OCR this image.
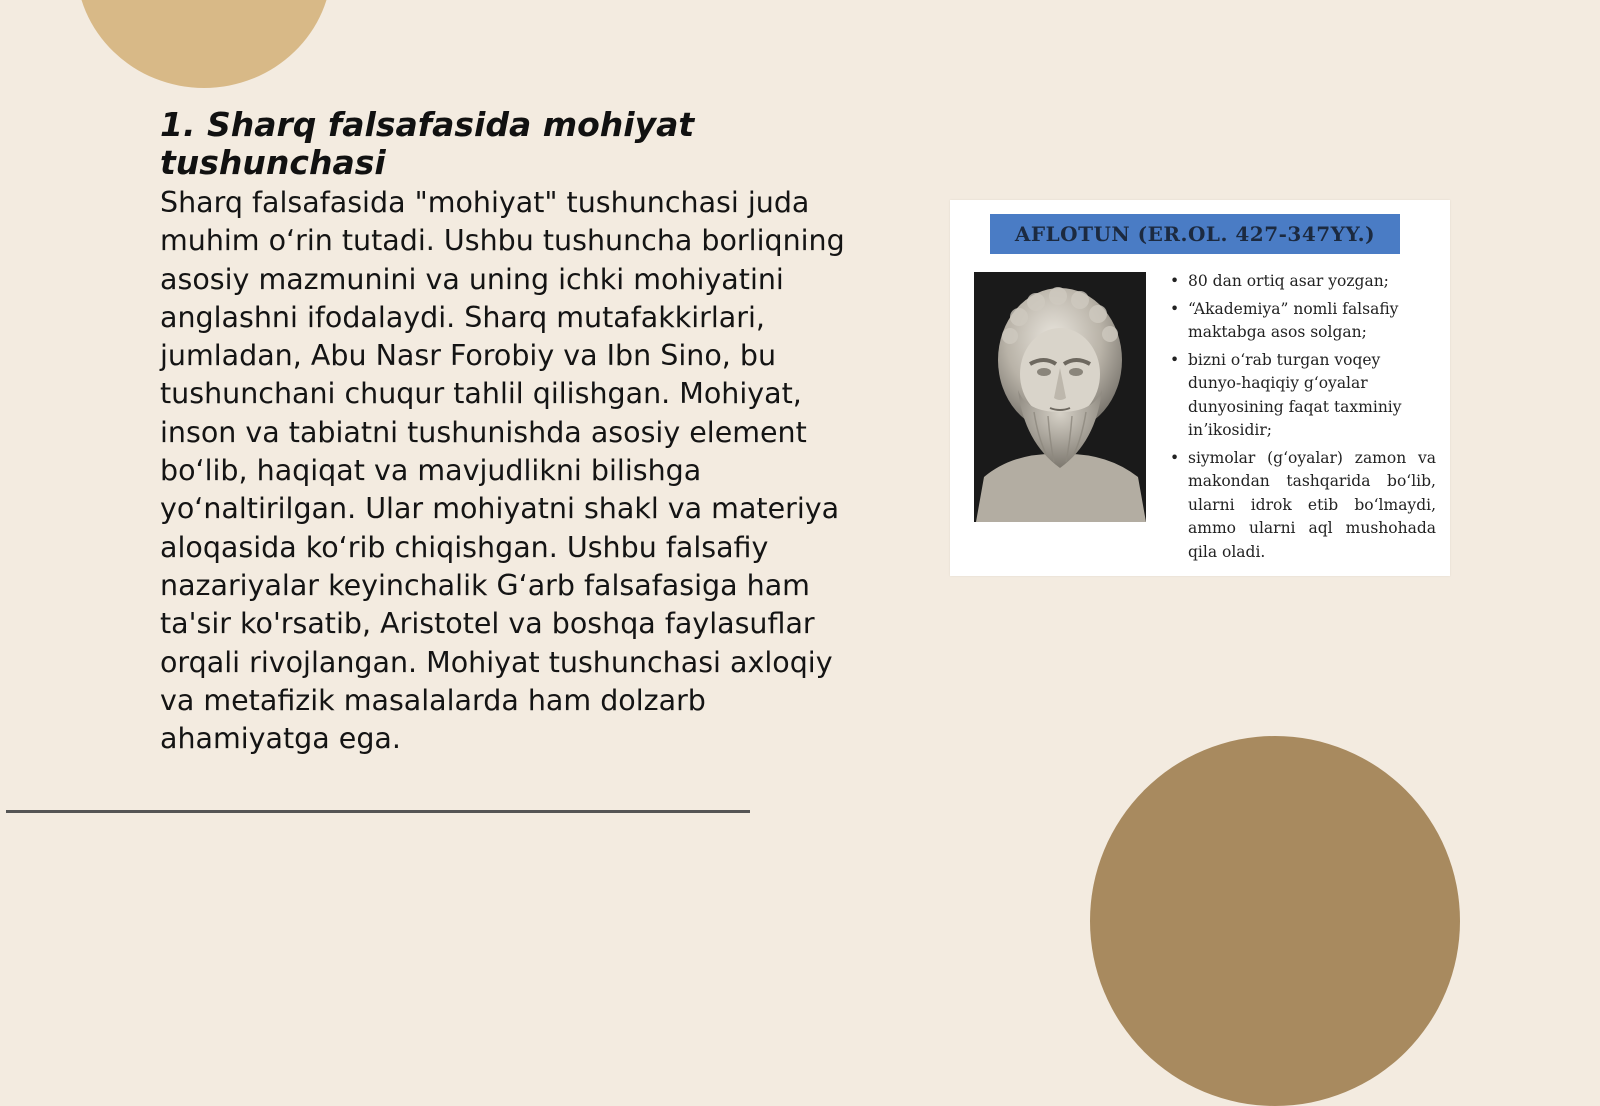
1. Sharq falsafasida mohiyat tushunchasi

Sharq falsafasida "mohiyat" tushunchasi juda muhim oʻrin tutadi. Ushbu tushuncha borliqning asosiy mazmunini va uning ichki mohiyatini anglashni ifodalaydi. Sharq mutafakkirlari, jumladan, Abu Nasr Forobiy va Ibn Sino, bu tushunchani chuqur tahlil qilishgan. Mohiyat, inson va tabiatni tushunishda asosiy element boʻlib, haqiqat va mavjudlikni bilishga yoʻnaltirilgan. Ular mohiyatni shakl va materiya aloqasida koʻrib chiqishgan. Ushbu falsafiy nazariyalar keyinchalik Gʻarb falsafasiga ham ta'sir ko'rsatib, Aristotel va boshqa faylasuflar orqali rivojlangan. Mohiyat tushunchasi axloqiy va metafizik masalalarda ham dolzarb ahamiyatga ega.

AFLOTUN (ER.OL. 427-347YY.)
• 80 dan ortiq asar yozgan;
• “Akademiya” nomli falsafiy maktabga asos solgan;
• bizni oʻrab turgan voqey dunyo-haqiqiy gʻoyalar dunyosining faqat taxminiy inʼikosidir;
• siymolar (gʻoyalar) zamon va makondan tashqarida boʻlib, ularni idrok etib boʻlmaydi, ammo ularni aql mushohada qila oladi.
